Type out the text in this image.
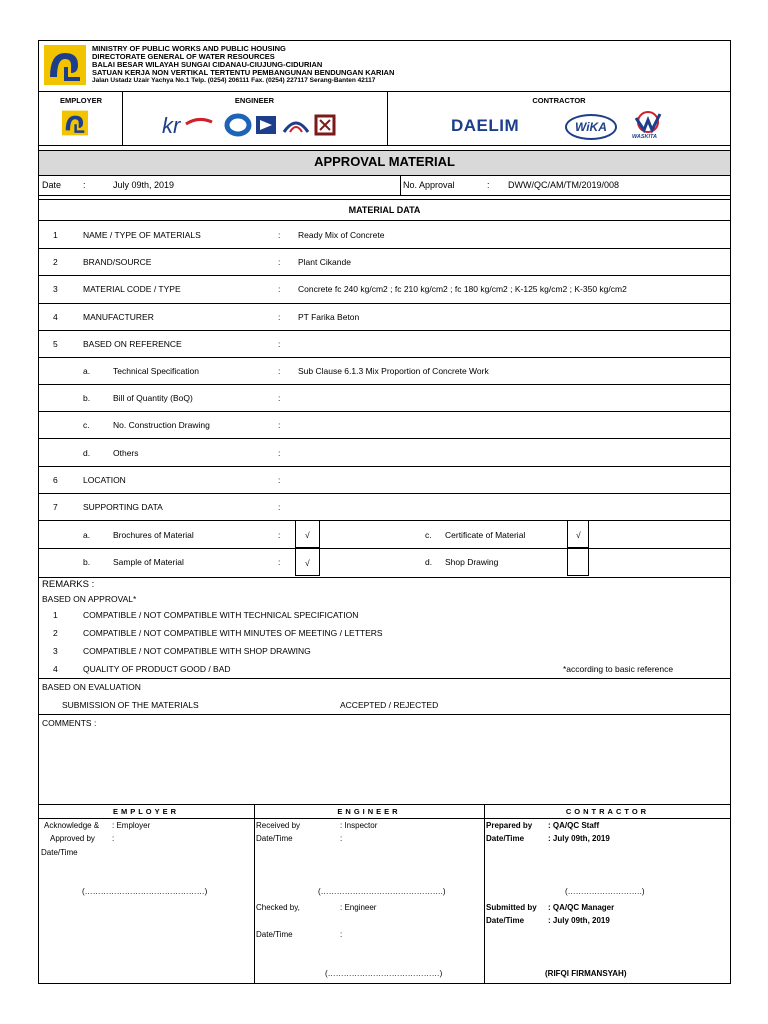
MINISTRY OF PUBLIC WORKS AND PUBLIC HOUSING
DIRECTORATE GENERAL OF WATER RESOURCES
BALAI BESAR WILAYAH SUNGAI CIDANAU-CIUJUNG-CIDURIAN
SATUAN KERJA NON VERTIKAL TERTENTU PEMBANGUNAN BENDUNGAN KARIAN
Jalan Ustadz Uzair Yachya No.1 Telp. (0254) 206111 Fax. (0254) 227117 Serang-Banten 42117
EMPLOYER	ENGINEER	CONTRACTOR
kr	DAELIM	WiKA
WASKITA
APPROVAL MATERIAL
Date :	July 09th, 2019	No. Approval	: DWW/QC/AM/TM/2019/008
MATERIAL DATA
1	NAME / TYPE OF MATERIALS	: Ready Mix of Concrete
2	BRAND/SOURCE	: Plant Cikande
3	MATERIAL CODE / TYPE	: Concrete fc 240 kg/cm2 ; fc 210 kg/cm2 ; fc 180 kg/cm2 ; K-125 kg/cm2 ; K-350 kg/cm2
4	MANUFACTURER	: PT Farika Beton
5	BASED ON REFERENCE	:
a.	Technical Specification	: Sub Clause 6.1.3 Mix Proportion of Concrete Work
b.	Bill of Quantity (BoQ)	:
c.	No. Construction Drawing	:
d.	Others	:
6	LOCATION	:
7	SUPPORTING DATA	:
a.	Brochures of Material	:	√	c. Certificate of Material	√
b.	Sample of Material	:	√	d. Shop Drawing
REMARKS :
BASED ON APPROVAL*
1	COMPATIBLE / NOT COMPATIBLE WITH TECHNICAL SPECIFICATION
2	COMPATIBLE / NOT COMPATIBLE WITH MINUTES OF MEETING / LETTERS
3	COMPATIBLE / NOT COMPATIBLE WITH SHOP DRAWING
4	QUALITY OF PRODUCT GOOD / BAD	*according to basic reference
BASED ON EVALUATION
SUBMISSION OF THE MATERIALS	ACCEPTED / REJECTED
COMMENTS :
EMPLOYER	ENGINEER	CONTRACTOR
Acknowledge & : Employer
Approved by :
Date/Time
(………………………………………)
Received by	: Inspector
Date/Time	:
(……………………………………….)
Checked by,	: Engineer
Date/Time	:
(……………………………………)
Prepared by : QA/QC Staff
Date/Time	: July 09th, 2019
(……………………….)
Submitted by : QA/QC Manager
Date/Time	: July 09th, 2019
(RIFQI FIRMANSYAH)
